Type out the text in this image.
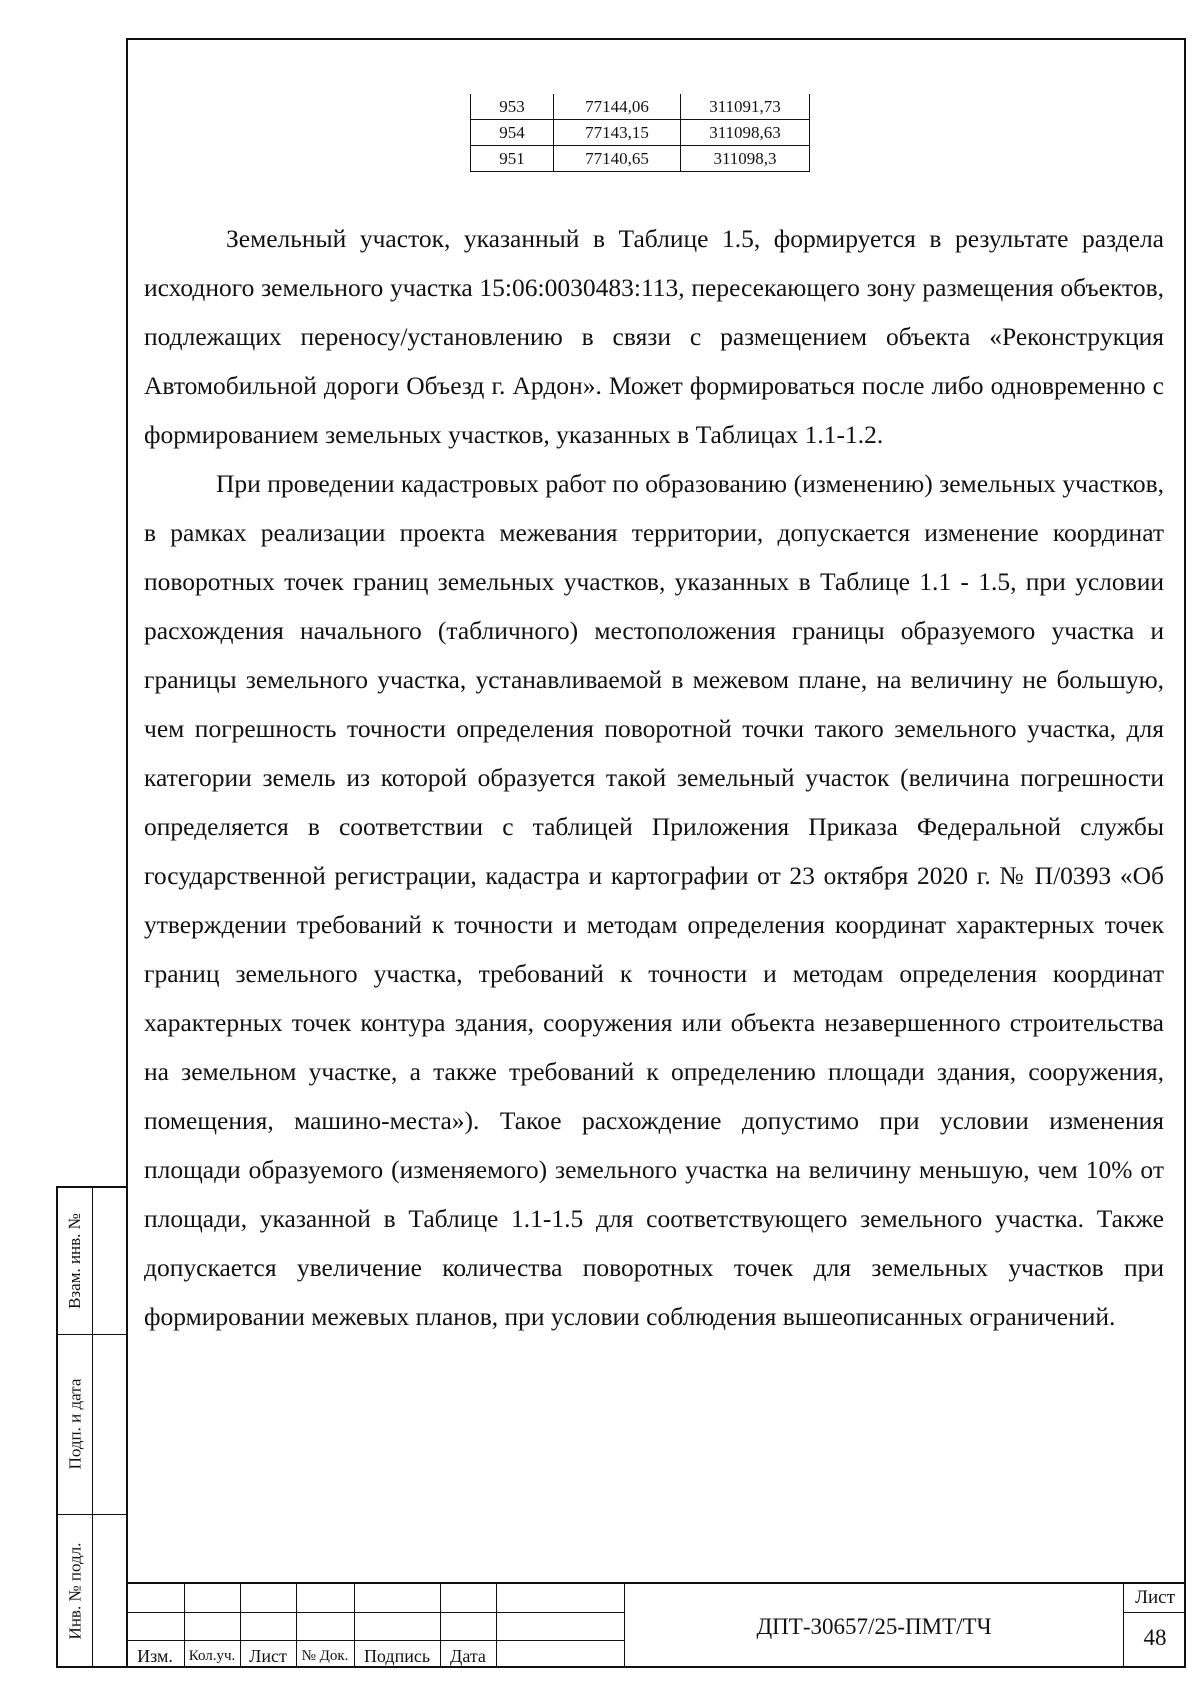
953	77144,06	311091,73
954	77143,15	311098,63
951	77140,65	311098,3

Земельный участок, указанный в Таблице 1.5, формируется в результате раздела исходного земельного участка 15:06:0030483:113, пересекающего зону размещения объектов, подлежащих переносу/установлению в связи с размещением объекта «Реконструкция Автомобильной дороги Объезд г. Ардон». Может формироваться после либо одновременно с формированием земельных участков, указанных в Таблицах 1.1-1.2.

При проведении кадастровых работ по образованию (изменению) земельных участков, в рамках реализации проекта межевания территории, допускается изменение координат поворотных точек границ земельных участков, указанных в Таблице 1.1 - 1.5, при условии расхождения начального (табличного) местоположения границы образуемого участка и границы земельного участка, устанавливаемой в межевом плане, на величину не большую, чем погрешность точности определения поворотной точки такого земельного участка, для категории земель из которой образуется такой земельный участок (величина погрешности определяется в соответствии с таблицей Приложения Приказа Федеральной службы государственной регистрации, кадастра и картографии от 23 октября 2020 г. № П/0393 «Об утверждении требований к точности и методам определения координат характерных точек границ земельного участка, требований к точности и методам определения координат характерных точек контура здания, сооружения или объекта незавершенного строительства на земельном участке, а также требований к определению площади здания, сооружения, помещения, машино-места»). Такое расхождение допустимо при условии изменения площади образуемого (изменяемого) земельного участка на величину меньшую, чем 10% от площади, указанной в Таблице 1.1-1.5 для соответствующего земельного участка. Также допускается увеличение количества поворотных точек для земельных участков при формировании межевых планов, при условии соблюдения вышеописанных ограничений.

Взам. инв. №
Подп. и дата
Инв. № подл.
Изм.	Кол.уч. Лист № Док. Подпись	Дата
ДПТ-30657/25-ПМТ/ТЧ
Лист
48
